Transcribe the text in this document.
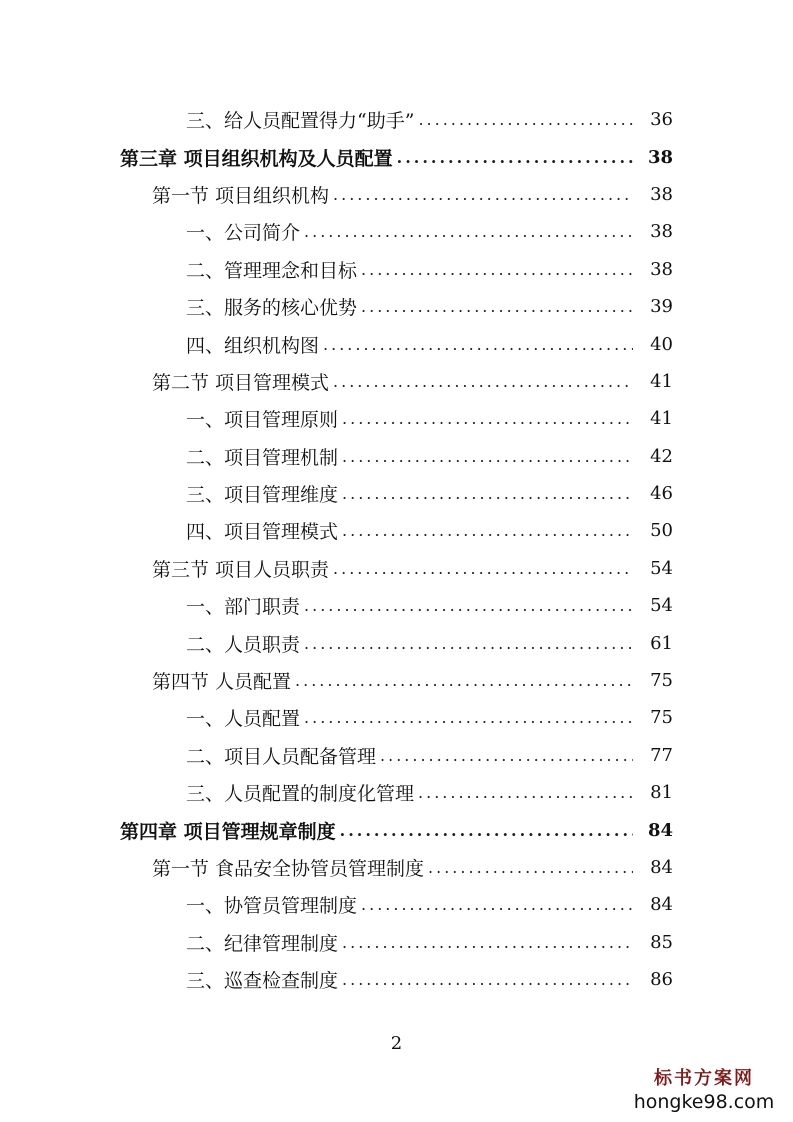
三、给人员配置得力“助手” .....	36
第三章 项目组织机构及人员配置 .....	38
第一节 项目组织机构 .....	38
一、公司简介 .....	38
二、管理理念和目标 .....	38
三、服务的核心优势 .....	39
四、组织机构图 .....	40
第二节 项目管理模式 .....	41
一、项目管理原则 .....	41
二、项目管理机制 .....	42
三、项目管理维度 .....	46
四、项目管理模式 .....	50
第三节 项目人员职责 .....	54
一、部门职责 .....	54
二、人员职责 .....	61
第四节 人员配置 .....	75
一、人员配置 .....	75
二、项目人员配备管理 .....	77
三、人员配置的制度化管理 .....	81
第四章 项目管理规章制度 .....	84
第一节 食品安全协管员管理制度 .....	84
一、协管员管理制度 .....	84
二、纪律管理制度 .....	85
三、巡查检查制度 .....	86
2
标书方案网
hongke98.com
